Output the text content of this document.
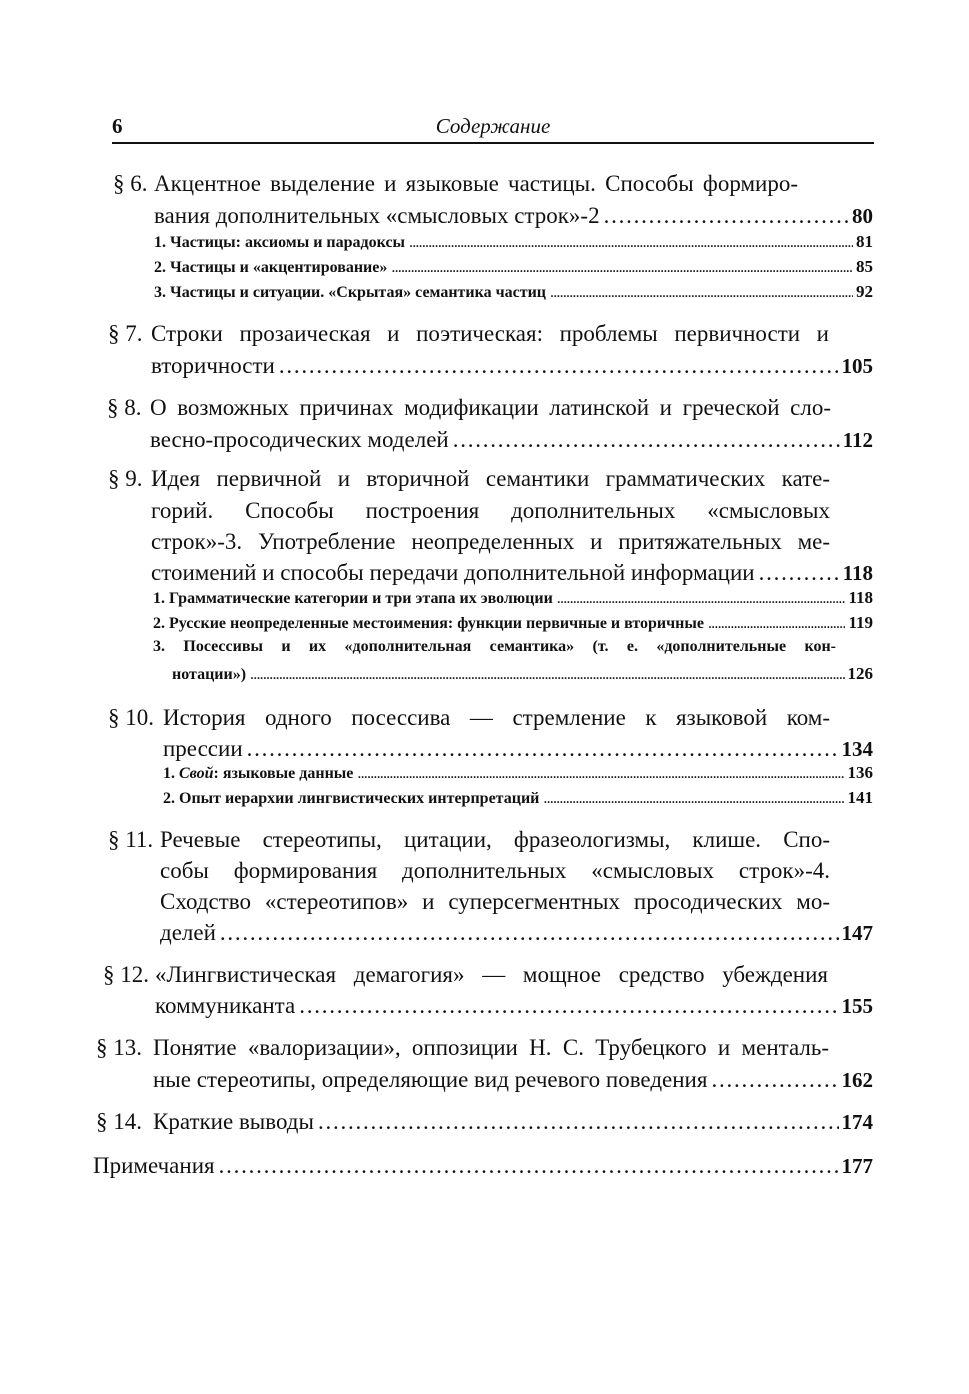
6	Содержание
§ 6. Акцентное выделение и языковые частицы. Способы формиро-
вания дополнительных «смысловых строк»-2 . . .	80
1. Частицы: аксиомы и парадоксы . . .	81
2. Частицы и «акцентирование» . . .	85
3. Частицы и ситуации. «Скрытая» семантика частиц . . .	92
§ 7. Строки прозаическая и поэтическая: проблемы первичности и
вторичности . . .	105
§ 8. О возможных причинах модификации латинской и греческой сло-
весно-просодических моделей . . .	112
§ 9. Идея первичной и вторичной семантики грамматических кате-
горий. Способы построения дополнительных «смысловых
строк»-3. Употребление неопределенных и притяжательных ме-
стоимений и способы передачи дополнительной информации . . .	118
1. Грамматические категории и три этапа их эволюции . . .	118
2. Русские неопределенные местоимения: функции первичные и вторичные . . .	119
3. Посессивы и их «дополнительная семантика» (т. е. «дополнительные кон-
нотации») . . .	126
§ 10. История одного посессива — стремление к языковой ком-
прессии . . .	134
1. Свой: языковые данные . . .	136
2. Опыт иерархии лингвистических интерпретаций . . .	141
§ 11. Речевые стереотипы, цитации, фразеологизмы, клише. Спо-
собы формирования дополнительных «смысловых строк»-4.
Сходство «стереотипов» и суперсегментных просодических мо-
делей . . .	147
§ 12. «Лингвистическая демагогия» — мощное средство убеждения
коммуниканта . . .	155
§ 13. Понятие «валоризации», оппозиции Н. С. Трубецкого и менталь-
ные стереотипы, определяющие вид речевого поведения . . .	162
§ 14. Краткие выводы . . .	174
Примечания . . .	177
